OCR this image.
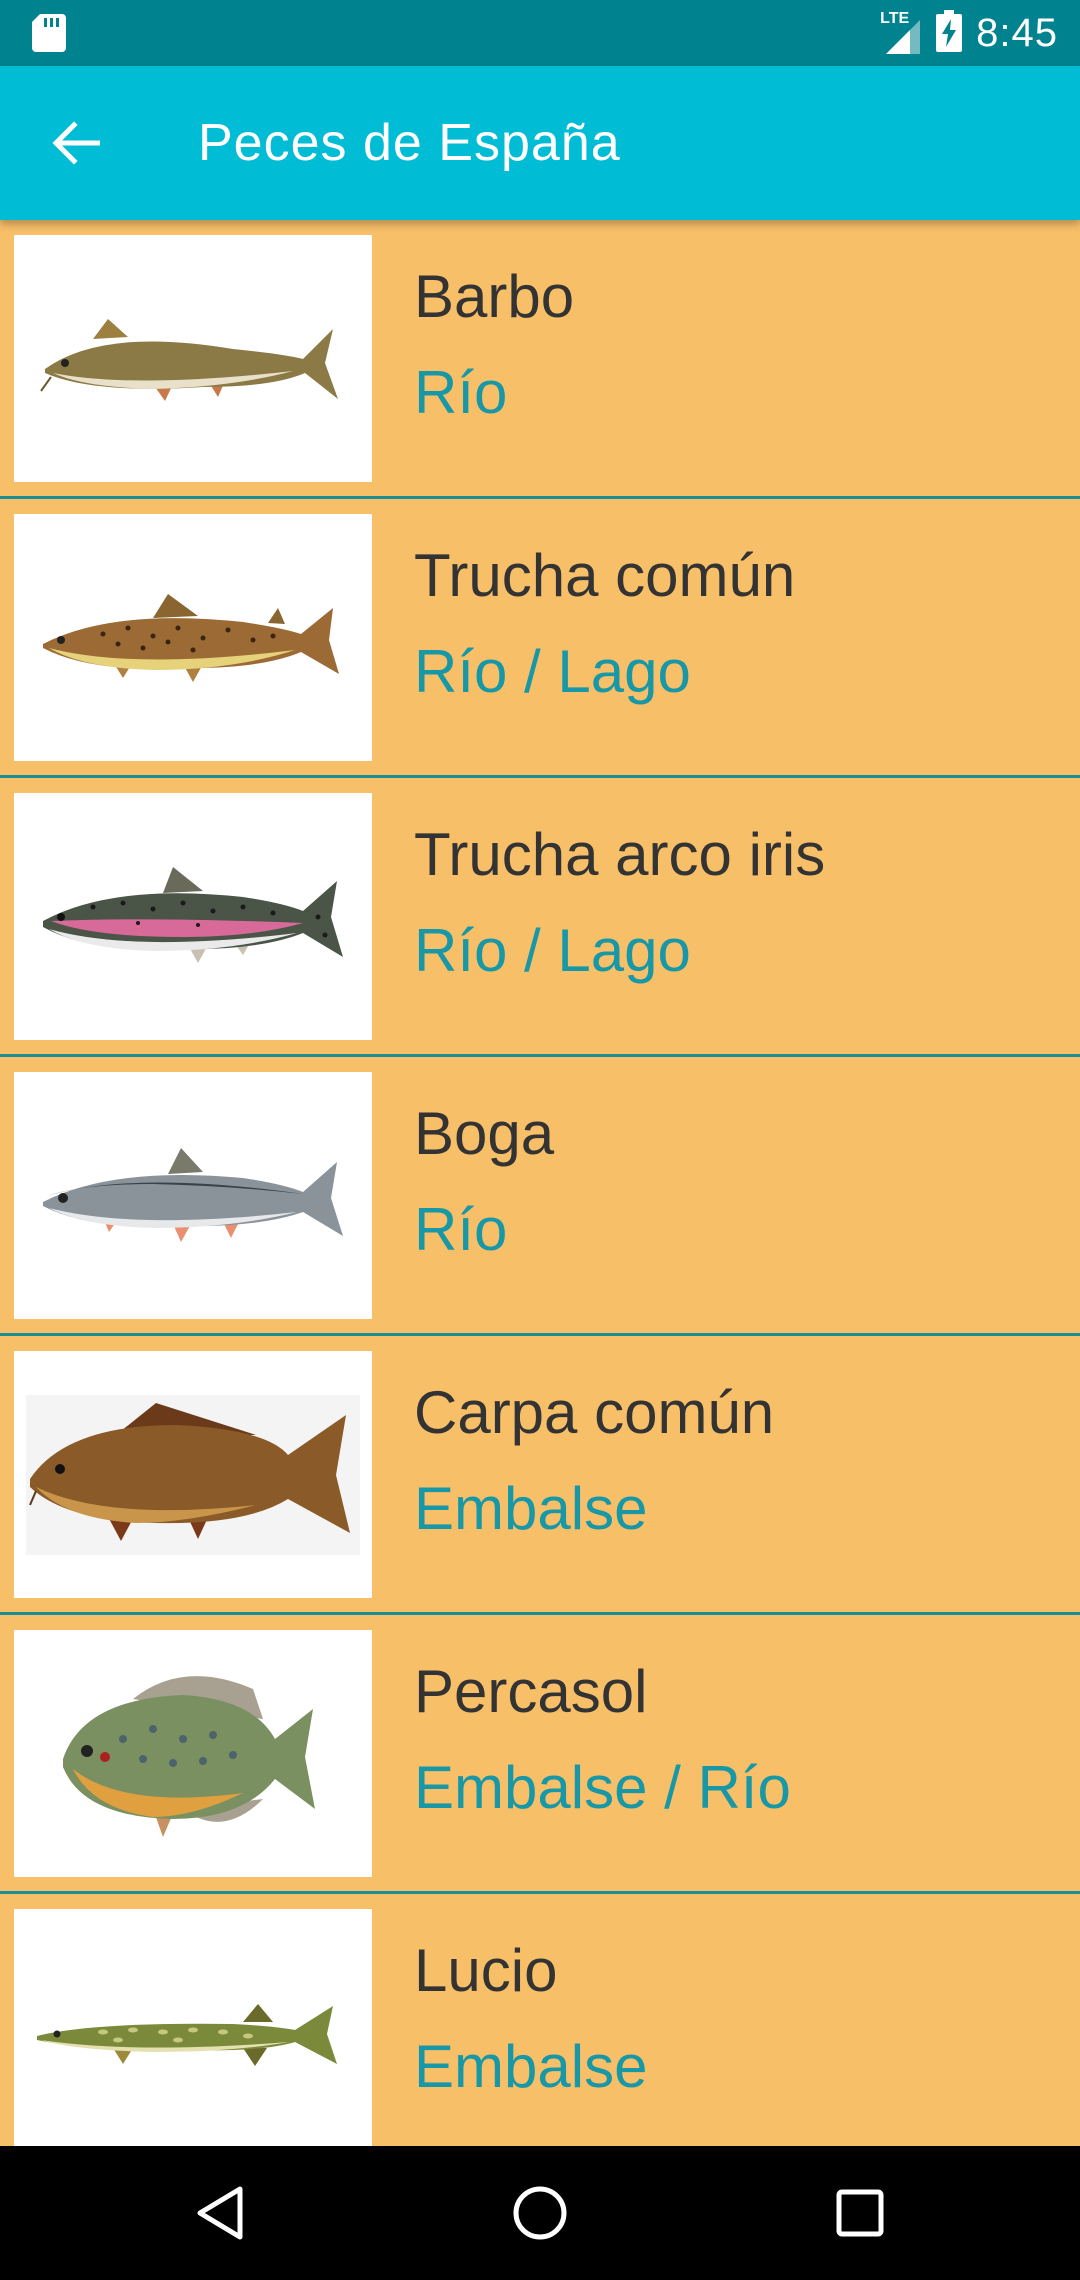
LTE 8:45
Peces de España
Barbo
Río
Trucha común
Río / Lago
Trucha arco iris
Río / Lago
Boga
Río
Carpa común
Embalse
Percasol
Embalse / Río
Lucio
Embalse
